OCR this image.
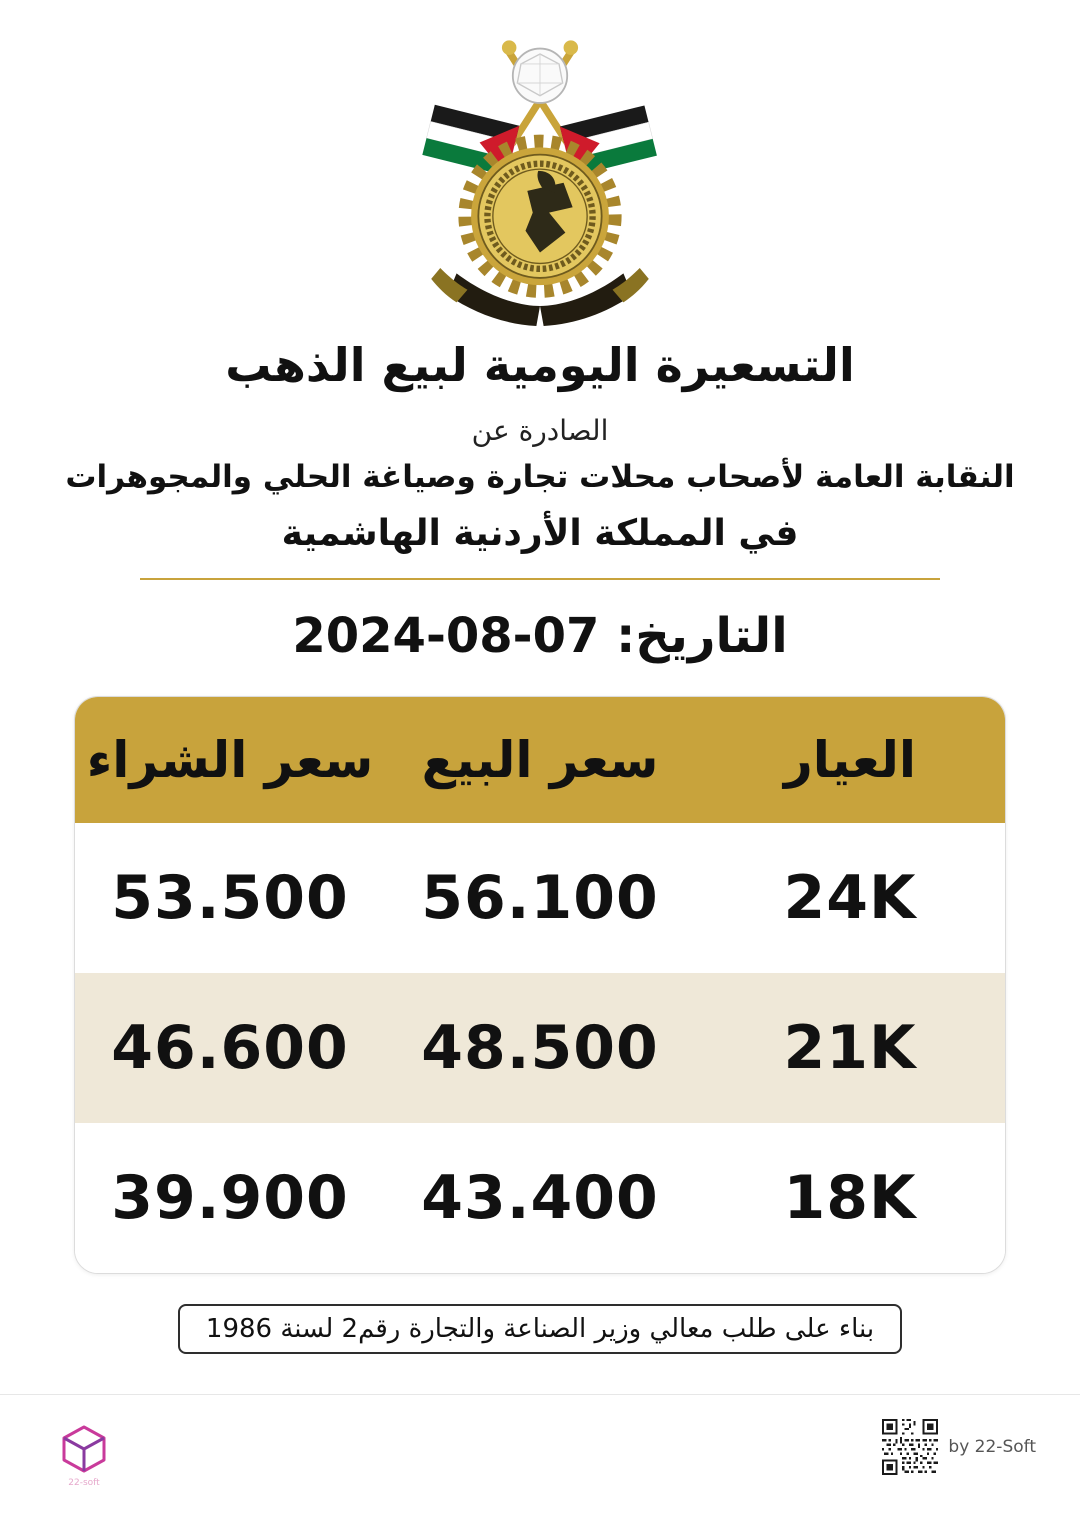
التسعيرة اليومية لبيع الذهب
الصادرة عن
النقابة العامة لأصحاب محلات تجارة وصياغة الحلي والمجوهرات
في المملكة الأردنية الهاشمية
التاريخ: 07-08-2024
العيار
سعر البيع
سعر الشراء
24K
56.100
53.500
21K
48.500
46.600
18K
43.400
39.900
بناء على طلب معالي وزير الصناعة والتجارة رقم2 لسنة 1986
22-soft
by 22-Soft
